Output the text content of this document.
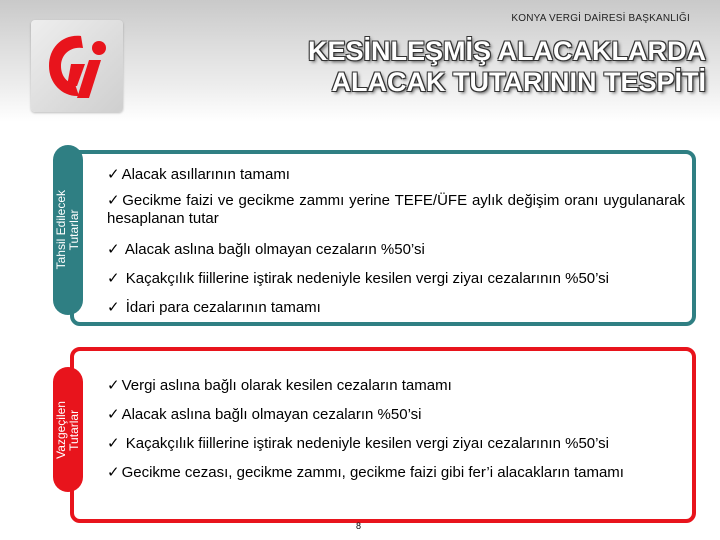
KONYA VERGİ DAİRESİ BAŞKANLIĞI
KESİNLEŞMİŞ ALACAKLARDA
ALACAK TUTARININ TESPİTİ
Tahsil Edilecek
Tutarlar
✓ Alacak asıllarının tamamı
✓ Gecikme faizi ve gecikme zammı yerine TEFE/ÜFE aylık değişim oranı uygulanarak hesaplanan tutar
✓ Alacak aslına bağlı olmayan cezaların %50’si
✓ Kaçakçılık fiillerine iştirak nedeniyle kesilen vergi ziyaı cezalarının %50’si
✓ İdari para cezalarının tamamı
Vazgeçilen
Tutarlar
✓ Vergi aslına bağlı olarak kesilen cezaların tamamı
✓ Alacak aslına bağlı olmayan cezaların %50’si
✓ Kaçakçılık fiillerine iştirak nedeniyle kesilen vergi ziyaı cezalarının %50’si
✓ Gecikme cezası, gecikme zammı, gecikme faizi gibi fer’i alacakların tamamı
8
